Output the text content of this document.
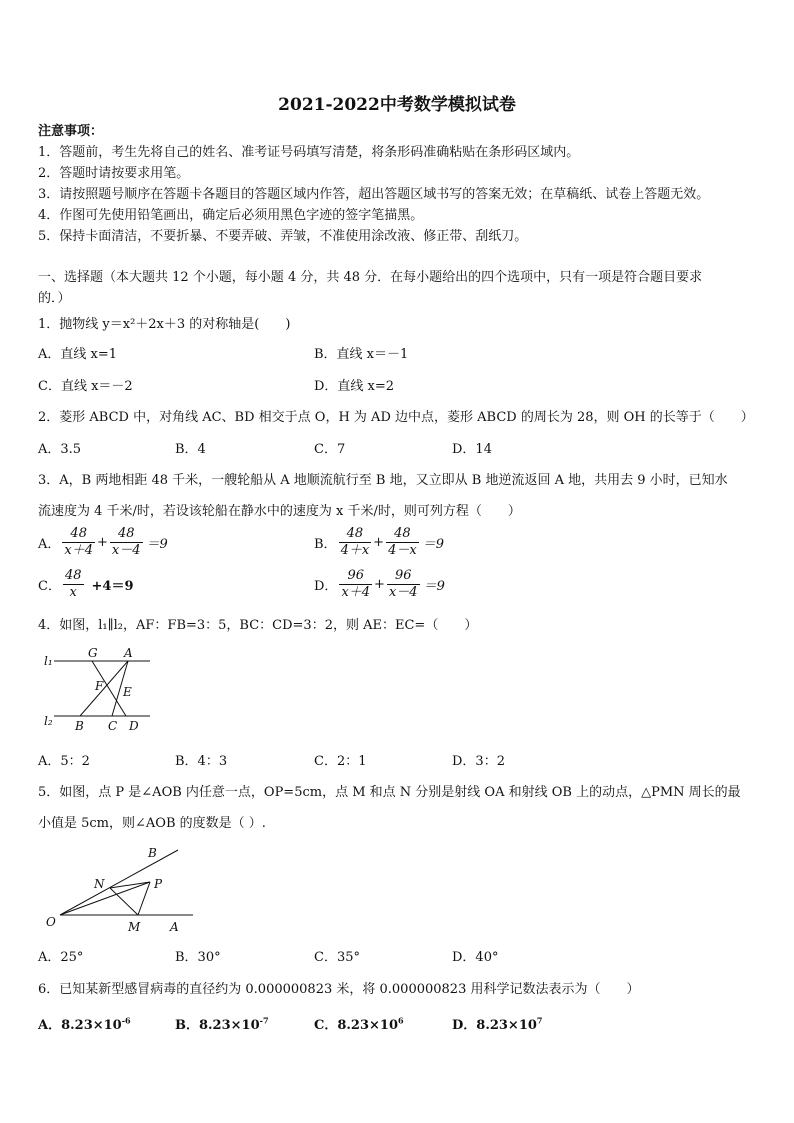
2021-2022中考数学模拟试卷
注意事项：
1．答题前，考生先将自己的姓名、准考证号码填写清楚，将条形码准确粘贴在条形码区域内。
2．答题时请按要求用笔。
3．请按照题号顺序在答题卡各题目的答题区域内作答，超出答题区域书写的答案无效；在草稿纸、试卷上答题无效。
4．作图可先使用铅笔画出，确定后必须用黑色字迹的签字笔描黑。
5．保持卡面清洁，不要折暴、不要弄破、弄皱，不准使用涂改液、修正带、刮纸刀。
一、选择题（本大题共 12 个小题，每小题 4 分，共 48 分．在每小题给出的四个选项中，只有一项是符合题目要求
的．）
1．抛物线 y＝x²＋2x＋3 的对称轴是(　　)
A．直线 x=1	B．直线 x＝－1
C．直线 x＝－2	D．直线 x=2
2．菱形 ABCD 中，对角线 AC、BD 相交于点 O，H 为 AD 边中点，菱形 ABCD 的周长为 28，则 OH 的长等于（　　）
A．3.5	B．4	C．7	D．14
3．A，B 两地相距 48 千米，一艘轮船从 A 地顺流航行至 B 地，又立即从 B 地逆流返回 A 地，共用去 9 小时，已知水
流速度为 4 千米/时，若设该轮船在静水中的速度为 x 千米/时，则可列方程（　　）
A． $\frac{48}{x+4} + \frac{48}{x-4} =9$	B． $\frac{48}{4+x} + \frac{48}{4-x} =9$
C． $\frac{48}{x} +4=9$	D． $\frac{96}{x+4} + \frac{96}{x-4} =9$
4．如图，l₁∥l₂，AF：FB=3：5，BC：CD=3：2，则 AE：EC=（　　）
l₁
l₂
G A
F E
B C D
A．5：2	B．4：3	C．2：1	D．3：2
5．如图，点 P 是∠AOB 内任意一点，OP=5cm，点 M 和点 N 分别是射线 OA 和射线 OB 上的动点，△PMN 周长的最
小值是 5cm，则∠AOB 的度数是（ ）.
B
N	P
O	M A
A．25°	B．30°	C．35°	D．40°
6．已知某新型感冒病毒的直径约为 0.000000823 米，将 0.000000823 用科学记数法表示为（　　）
A．$8.23\times 10^{-6}$	B．$8.23\times 10^{-7}$	C．$8.23\times 10^6$	D．$8.23\times 10^7$
